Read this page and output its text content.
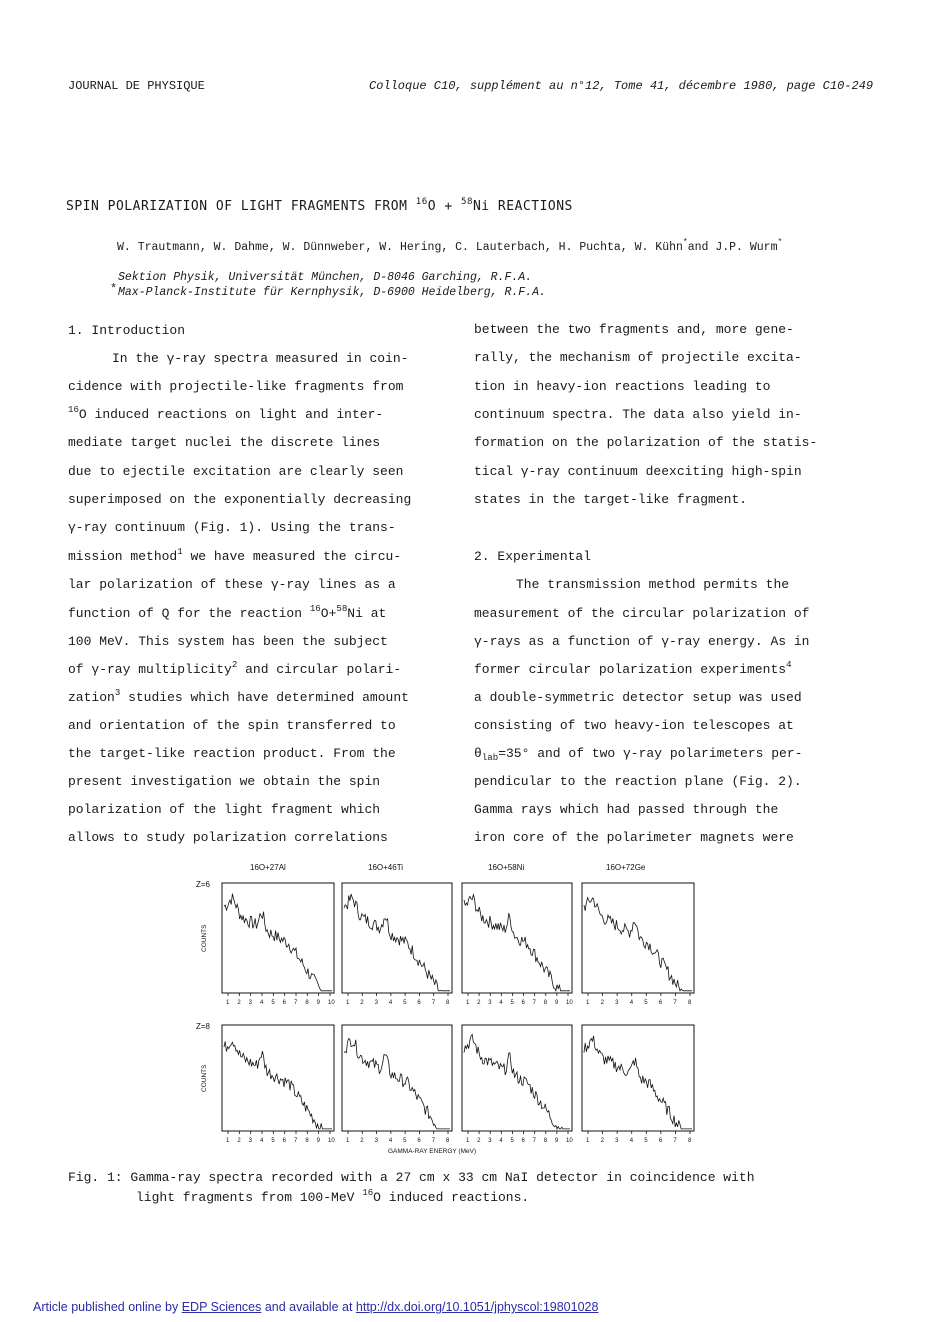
JOURNAL DE PHYSIQUE	Colloque C10, supplément au n°12, Tome 41, décembre 1980, page C10-249
SPIN POLARIZATION OF LIGHT FRAGMENTS FROM $^{16}$O + $^{58}$Ni REACTIONS
W. Trautmann, W. Dahme, W. Dünnweber, W. Hering, C. Lauterbach, H. Puchta, W. Kühn*and J.P. Wurm*
Sektion Physik, Universität München, D-8046 Garching, R.F.A.
* Max-Planck-Institute für Kernphysik, D-6900 Heidelberg, R.F.A.
1. Introduction
In the γ-ray spectra measured in coin-
cidence with projectile-like fragments from
$^{16}$O induced reactions on light and inter-
mediate target nuclei the discrete lines
due to ejectile excitation are clearly seen
superimposed on the exponentially decreasing
γ-ray continuum (Fig. 1). Using the trans-
mission method$^1$ we have measured the circu-
lar polarization of these γ-ray lines as a
function of Q for the reaction $^{16}$O+$^{58}$Ni at
100 MeV. This system has been the subject
of γ-ray multiplicity$^2$ and circular polari-
zation$^3$ studies which have determined amount
and orientation of the spin transferred to
the target-like reaction product. From the
present investigation we obtain the spin
polarization of the light fragment which
allows to study polarization correlations
between the two fragments and, more gene-
rally, the mechanism of projectile excita-
tion in heavy-ion reactions leading to
continuum spectra. The data also yield in-
formation on the polarization of the statis-
tical γ-ray continuum deexciting high-spin
states in the target-like fragment.
2. Experimental
The transmission method permits the
measurement of the circular polarization of
γ-rays as a function of γ-ray energy. As in
former circular polarization experiments$^4$
a double-symmetric detector setup was used
consisting of two heavy-ion telescopes at
$\theta_{lab}=35^\circ$ and of two γ-ray polarimeters per-
pendicular to the reaction plane (Fig. 2).
Gamma rays which had passed through the
iron core of the polarimeter magnets were
16O+27Al	16O+46Ti	16O+58Ni	16O+72Ge
Z=6
COUNTS
1 2 3 4 5 6 7 8 9 10 1 2 3 4 5 6 7 8	1 2 3 4 5 6 7 8 9 10 1 2 3 4 5 6 7 8
Z=8
COUNTS
1 2 3 4 5 6 7 8 9 10 1 2 3 4 5 6 7 8	1 2 3 4 5 6 7 8 9 10 1 2 3 4 5 6 7 8
GAMMA-RAY ENERGY (MeV)
Fig. 1: Gamma-ray spectra recorded with a 27 cm x 33 cm NaI detector in coincidence with
light fragments from 100-MeV $^{16}$O induced reactions.
Article published online by EDP Sciences and available at http://dx.doi.org/10.1051/jphyscol:19801028
